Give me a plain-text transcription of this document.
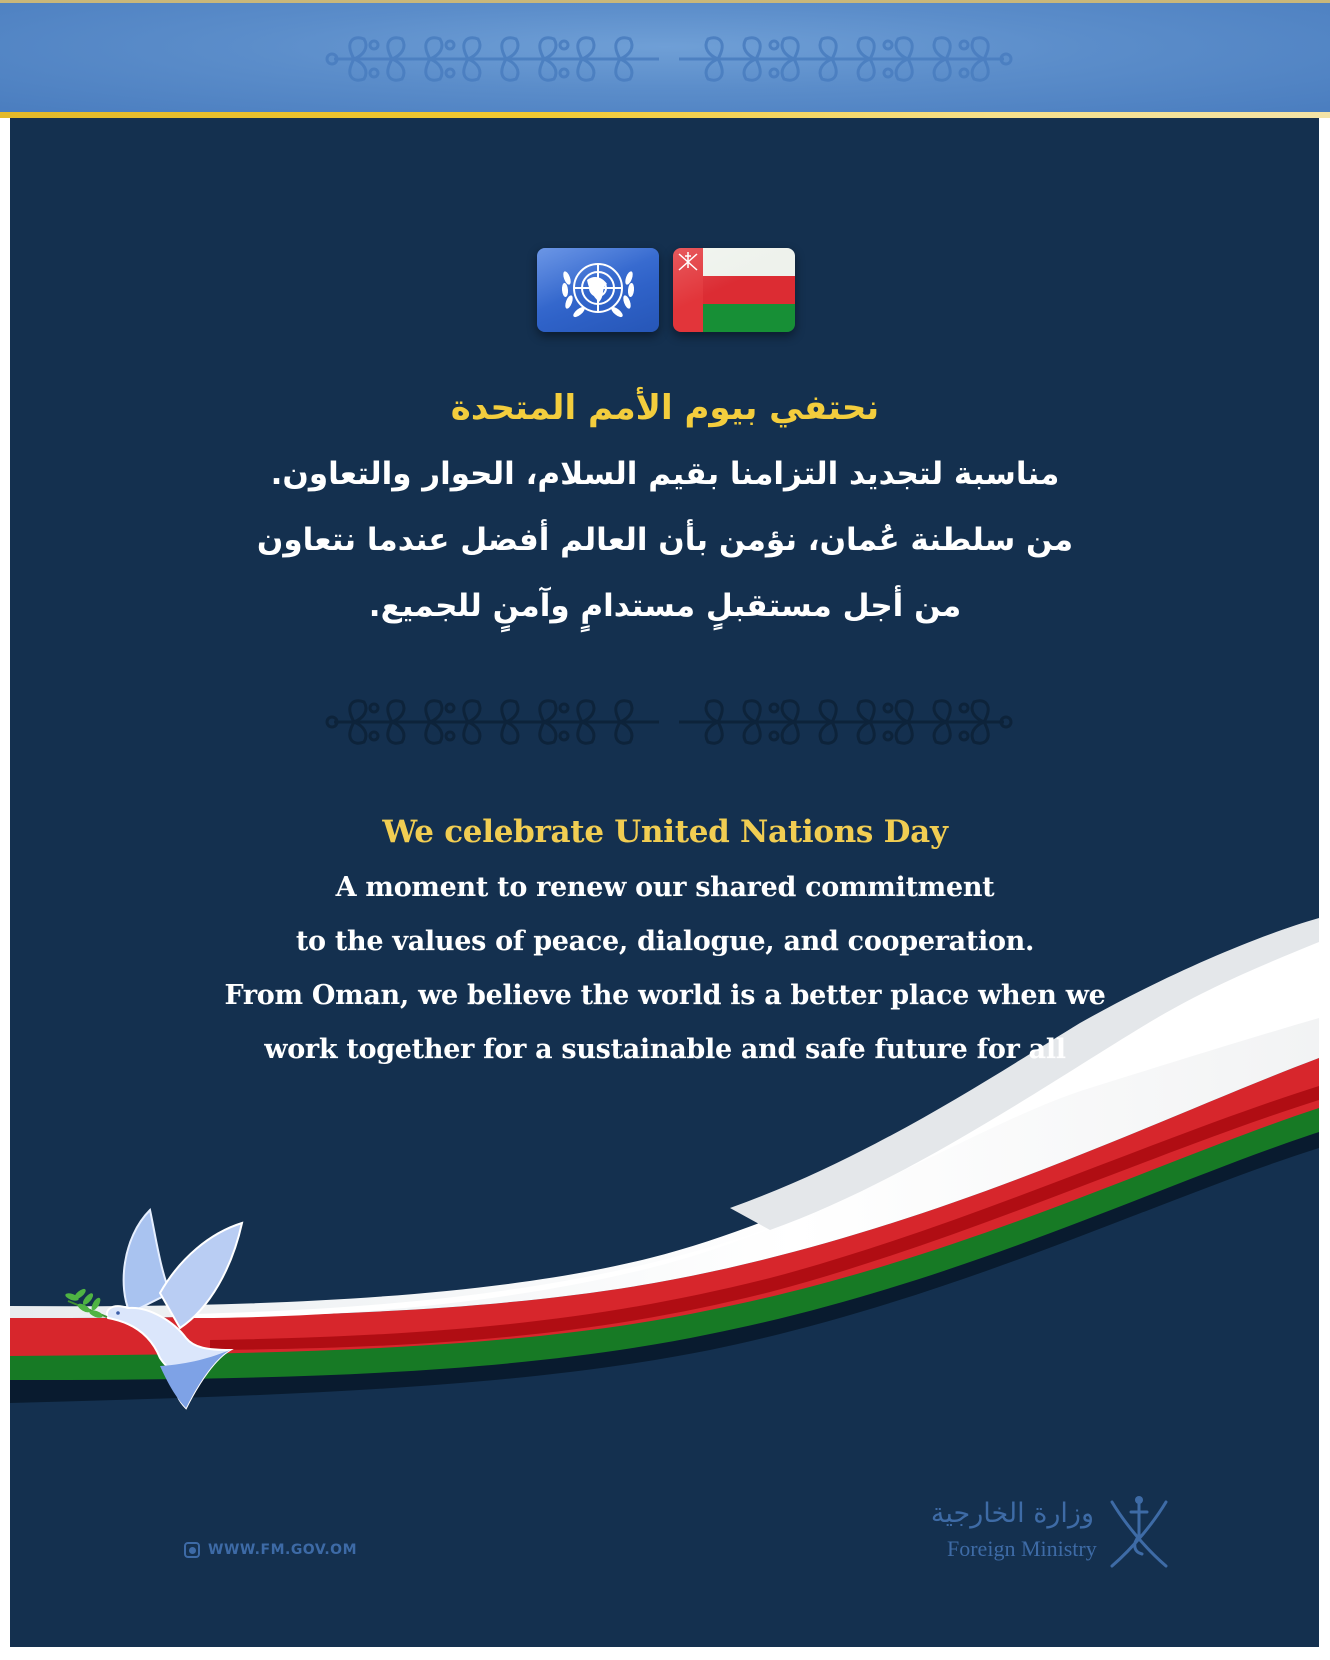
نحتفي بيوم الأمم المتحدة
مناسبة لتجديد التزامنا بقيم السلام، الحوار والتعاون.
من سلطنة عُمان، نؤمن بأن العالم أفضل عندما نتعاون
من أجل مستقبلٍ مستدامٍ وآمنٍ للجميع.
We celebrate United Nations Day
A moment to renew our shared commitment
to the values of peace, dialogue, and cooperation.
From Oman, we believe the world is a better place when we
work together for a sustainable and safe future for all
WWW.FM.GOV.OM
وزارة الخارجية
Foreign Ministry
